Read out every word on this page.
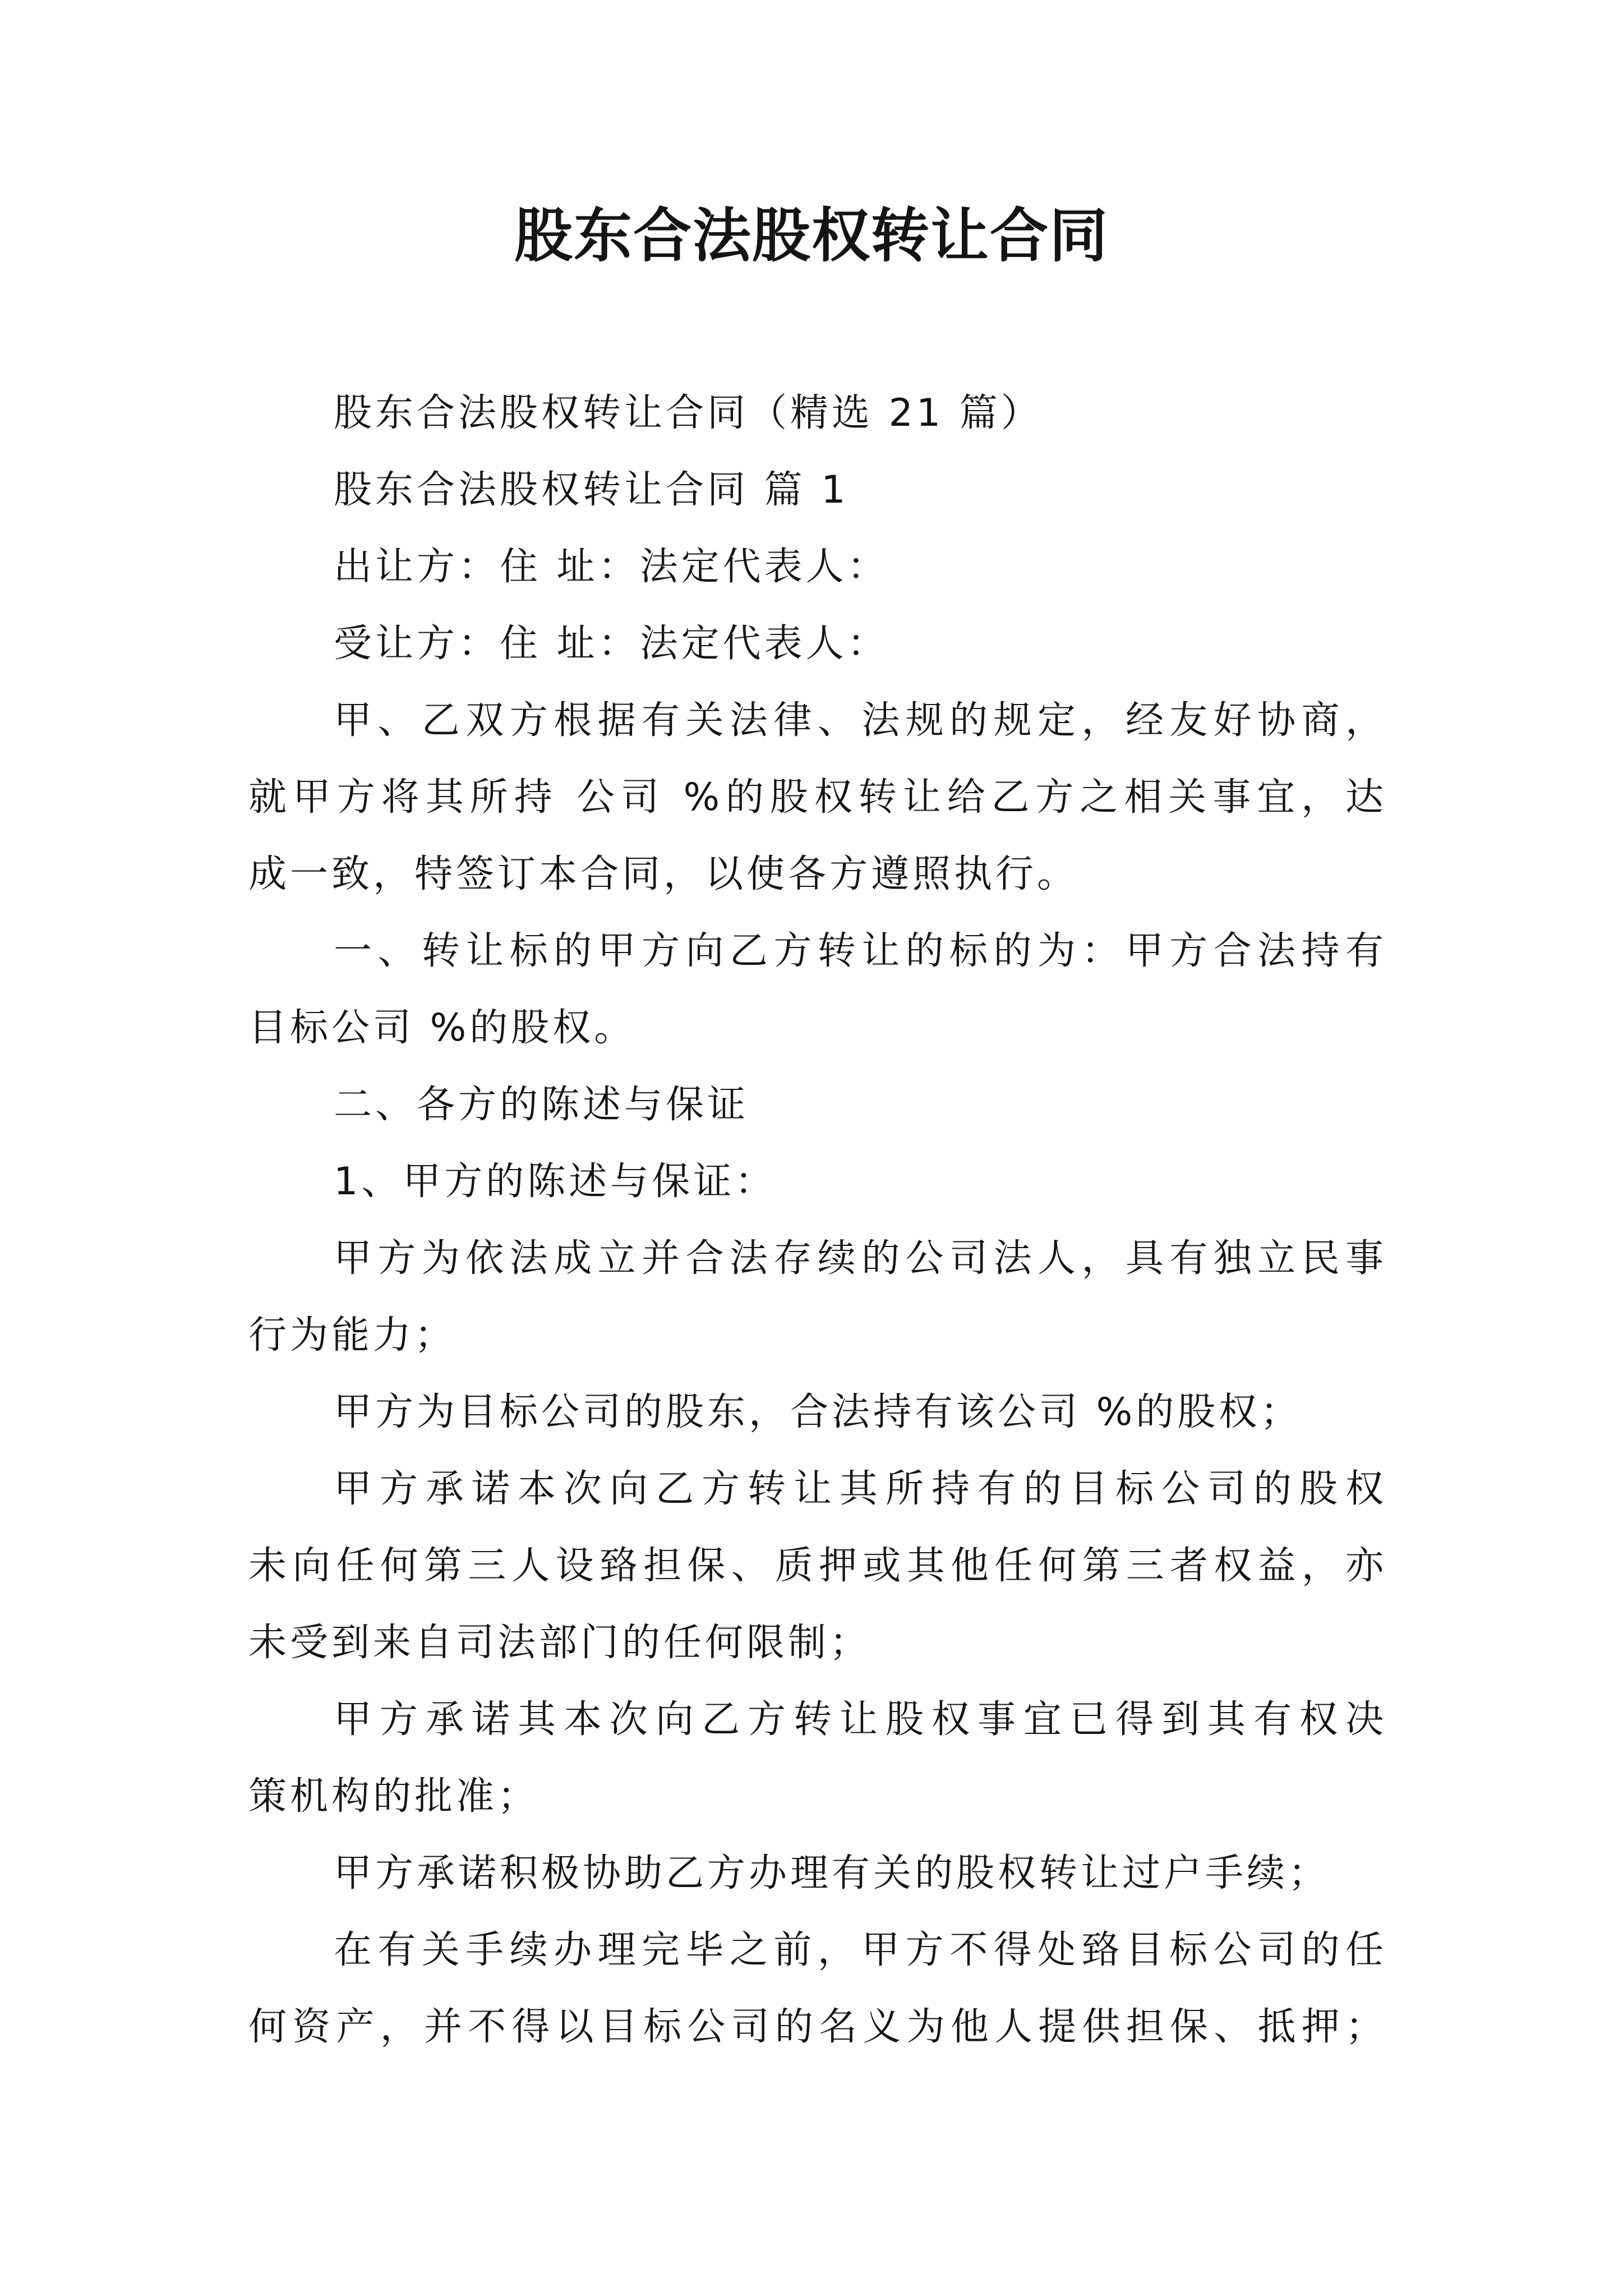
股东合法股权转让合同
股东合法股权转让合同（精选 21 篇）
股东合法股权转让合同 篇 1
出让方：住 址：法定代表人：
受让方：住 址：法定代表人：
甲、乙双方根据有关法律、法规的规定，经友好协商，
就甲方将其所持 公司 %的股权转让给乙方之相关事宜，达
成一致，特签订本合同，以使各方遵照执行。
一、转让标的甲方向乙方转让的标的为：甲方合法持有
目标公司 %的股权。
二、各方的陈述与保证
1、甲方的陈述与保证：
甲方为依法成立并合法存续的公司法人，具有独立民事
行为能力；
甲方为目标公司的股东，合法持有该公司 %的股权；
甲方承诺本次向乙方转让其所持有的目标公司的股权
未向任何第三人设臵担保、质押或其他任何第三者权益，亦
未受到来自司法部门的任何限制；
甲方承诺其本次向乙方转让股权事宜已得到其有权决
策机构的批准；
甲方承诺积极协助乙方办理有关的股权转让过户手续；
在有关手续办理完毕之前，甲方不得处臵目标公司的任
何资产，并不得以目标公司的名义为他人提供担保、抵押；
